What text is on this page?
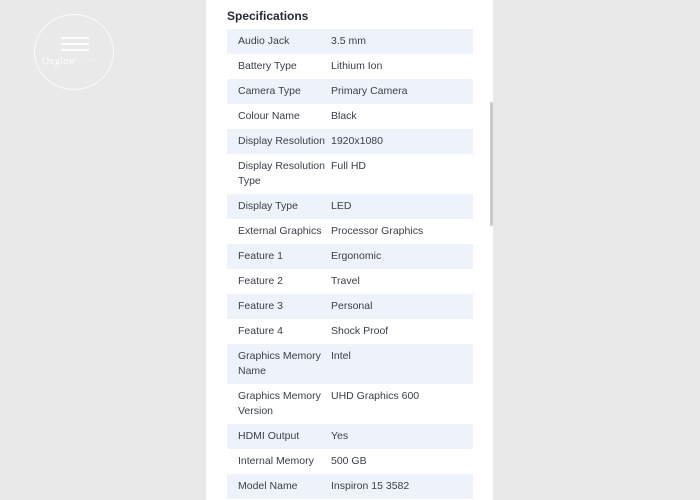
Oxglow·······
Specifications
Audio Jack	3.5 mm
Battery Type	Lithium Ion
Camera Type	Primary Camera
Colour Name	Black
Display Resolution	1920x1080
Display Resolution Type	Full HD
Display Type	LED
External Graphics	Processor Graphics
Feature 1	Ergonomic
Feature 2	Travel
Feature 3	Personal
Feature 4	Shock Proof
Graphics Memory Name	Intel
Graphics Memory Version	UHD Graphics 600
HDMI Output	Yes
Internal Memory	500 GB
Model Name	Inspiron 15 3582
